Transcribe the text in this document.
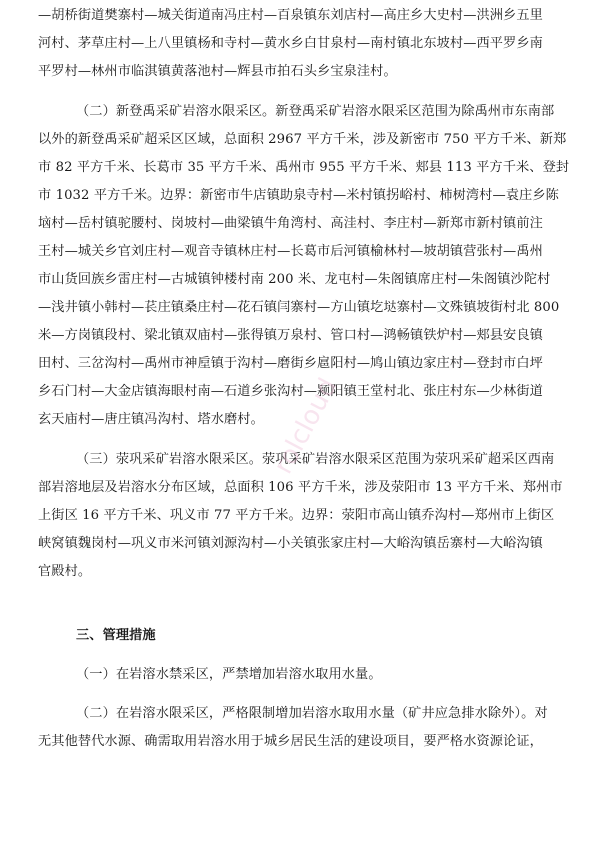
—胡桥街道樊寨村—城关街道南冯庄村—百泉镇东刘店村—高庄乡大史村—洪洲乡五里
河村、茅草庄村—上八里镇杨和寺村—黄水乡白甘泉村—南村镇北东坡村—西平罗乡南
平罗村—林州市临淇镇黄落池村—辉县市拍石头乡宝泉洼村。
（二）新登禹采矿岩溶水限采区。新登禹采矿岩溶水限采区范围为除禹州市东南部
以外的新登禹采矿超采区区域，总面积 2967 平方千米，涉及新密市 750 平方千米、新郑
市 82 平方千米、长葛市 35 平方千米、禹州市 955 平方千米、郏县 113 平方千米、登封
市 1032 平方千米。边界：新密市牛店镇助泉寺村—米村镇拐峪村、柿树湾村—袁庄乡陈
垴村—岳村镇驼腰村、岗坡村—曲梁镇牛角湾村、高洼村、李庄村—新郑市新村镇前注
王村—城关乡官刘庄村—观音寺镇林庄村—长葛市后河镇榆林村—坡胡镇营张村—禹州
市山货回族乡雷庄村—古城镇钟楼村南 200 米、龙屯村—朱阁镇席庄村—朱阁镇沙陀村
—浅井镇小韩村—苌庄镇桑庄村—花石镇闫寨村—方山镇圪垯寨村—文殊镇坡街村北 800
米—方岗镇段村、梁北镇双庙村—张得镇万泉村、管口村—鸿畅镇铁炉村—郏县安良镇
田村、三岔沟村—禹州市神垕镇于沟村—磨街乡扈阳村—鸠山镇边家庄村—登封市白坪
乡石门村—大金店镇海眼村南—石道乡张沟村—颍阳镇王堂村北、张庄村东—少林街道
玄天庙村—唐庄镇冯沟村、塔水磨村。
（三）荥巩采矿岩溶水限采区。荥巩采矿岩溶水限采区范围为荥巩采矿超采区西南
部岩溶地层及岩溶水分布区域，总面积 106 平方千米，涉及荥阳市 13 平方千米、郑州市
上街区 16 平方千米、巩义市 77 平方千米。边界：荥阳市高山镇乔沟村—郑州市上街区
峡窝镇魏岗村—巩义市米河镇刘源沟村—小关镇张家庄村—大峪沟镇岳寨村—大峪沟镇
官殿村。
三、管理措施
（一）在岩溶水禁采区，严禁增加岩溶水取用水量。
（二）在岩溶水限采区，严格限制增加岩溶水取用水量（矿井应急排水除外）。对
无其他替代水源、确需取用岩溶水用于城乡居民生活的建设项目，要严格水资源论证，
rolcloud
